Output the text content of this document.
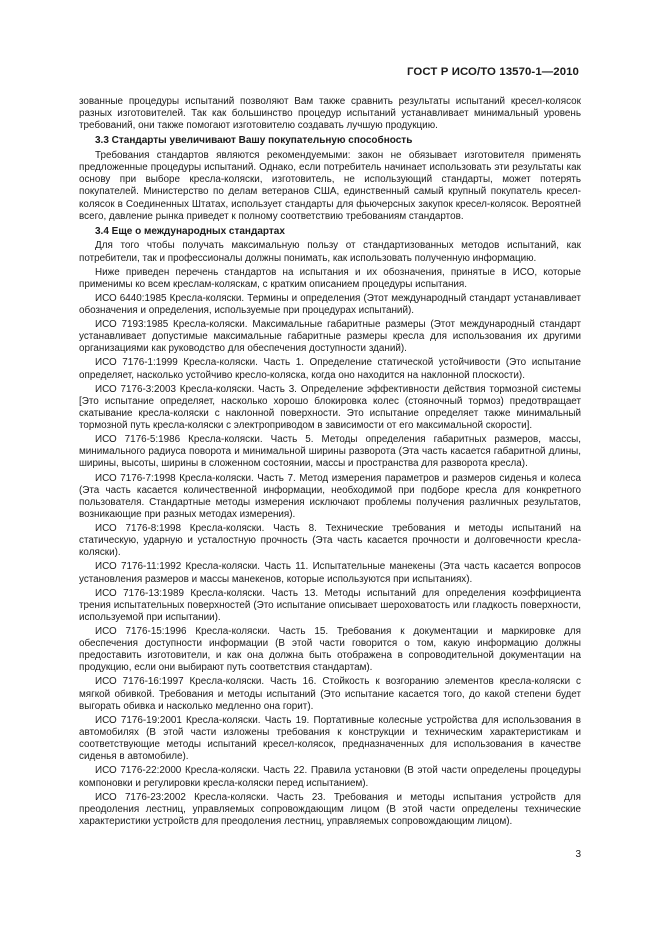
ГОСТ Р ИСО/ТО 13570-1—2010

зованные процедуры испытаний позволяют Вам также сравнить результаты испытаний кресел-колясок разных изготовителей. Так как большинство процедур испытаний устанавливает минимальный уровень требований, они также помогают изготовителю создавать лучшую продукцию.

3.3 Стандарты увеличивают Вашу покупательную способность

Требования стандартов являются рекомендуемыми: закон не обязывает изготовителя применять предложенные процедуры испытаний. Однако, если потребитель начинает использовать эти результаты как основу при выборе кресла-коляски, изготовитель, не использующий стандарты, может потерять покупателей. Министерство по делам ветеранов США, единственный самый крупный покупатель кресел-колясок в Соединенных Штатах, использует стандарты для фьючерсных закупок кресел-колясок. Вероятней всего, давление рынка приведет к полному соответствию требованиям стандартов.

3.4 Еще о международных стандартах

Для того чтобы получать максимальную пользу от стандартизованных методов испытаний, как потребители, так и профессионалы должны понимать, как использовать полученную информацию.

Ниже приведен перечень стандартов на испытания и их обозначения, принятые в ИСО, которые применимы ко всем креслам-коляскам, с кратким описанием процедуры испытания.

ИСО 6440:1985 Кресла-коляски. Термины и определения (Этот международный стандарт устанавливает обозначения и определения, используемые при процедурах испытаний).

ИСО 7193:1985 Кресла-коляски. Максимальные габаритные размеры (Этот международный стандарт устанавливает допустимые максимальные габаритные размеры кресла для использования их другими организациями как руководство для обеспечения доступности зданий).

ИСО 7176-1:1999 Кресла-коляски. Часть 1. Определение статической устойчивости (Это испытание определяет, насколько устойчиво кресло-коляска, когда оно находится на наклонной плоскости).

ИСО 7176-3:2003 Кресла-коляски. Часть 3. Определение эффективности действия тормозной системы [Это испытание определяет, насколько хорошо блокировка колес (стояночный тормоз) предотвращает скатывание кресла-коляски с наклонной поверхности. Это испытание определяет также минимальный тормозной путь кресла-коляски с электроприводом в зависимости от его максимальной скорости].

ИСО 7176-5:1986 Кресла-коляски. Часть 5. Методы определения габаритных размеров, массы, минимального радиуса поворота и минимальной ширины разворота (Эта часть касается габаритной длины, ширины, высоты, ширины в сложенном состоянии, массы и пространства для разворота кресла).

ИСО 7176-7:1998 Кресла-коляски. Часть 7. Метод измерения параметров и размеров сиденья и колеса (Эта часть касается количественной информации, необходимой при подборе кресла для конкретного пользователя. Стандартные методы измерения исключают проблемы получения различных результатов, возникающие при разных методах измерения).

ИСО 7176-8:1998 Кресла-коляски. Часть 8. Технические требования и методы испытаний на статическую, ударную и усталостную прочность (Эта часть касается прочности и долговечности кресла-коляски).

ИСО 7176-11:1992 Кресла-коляски. Часть 11. Испытательные манекены (Эта часть касается вопросов установления размеров и массы манекенов, которые используются при испытаниях).

ИСО 7176-13:1989 Кресла-коляски. Часть 13. Методы испытаний для определения коэффициента трения испытательных поверхностей (Это испытание описывает шероховатость или гладкость поверхности, используемой при испытании).

ИСО 7176-15:1996 Кресла-коляски. Часть 15. Требования к документации и маркировке для обеспечения доступности информации (В этой части говорится о том, какую информацию должны предоставить изготовители, и как она должна быть отображена в сопроводительной документации на продукцию, если они выбирают путь соответствия стандартам).

ИСО 7176-16:1997 Кресла-коляски. Часть 16. Стойкость к возгоранию элементов кресла-коляски с мягкой обивкой. Требования и методы испытаний (Это испытание касается того, до какой степени будет выгорать обивка и насколько медленно она горит).

ИСО 7176-19:2001 Кресла-коляски. Часть 19. Портативные колесные устройства для использования в автомобилях (В этой части изложены требования к конструкции и техническим характеристикам и соответствующие методы испытаний кресел-колясок, предназначенных для использования в качестве сиденья в автомобиле).

ИСО 7176-22:2000 Кресла-коляски. Часть 22. Правила установки (В этой части определены процедуры компоновки и регулировки кресла-коляски перед испытанием).

ИСО 7176-23:2002 Кресла-коляски. Часть 23. Требования и методы испытания устройств для преодоления лестниц, управляемых сопровождающим лицом (В этой части определены технические характеристики устройств для преодоления лестниц, управляемых сопровождающим лицом).

3
